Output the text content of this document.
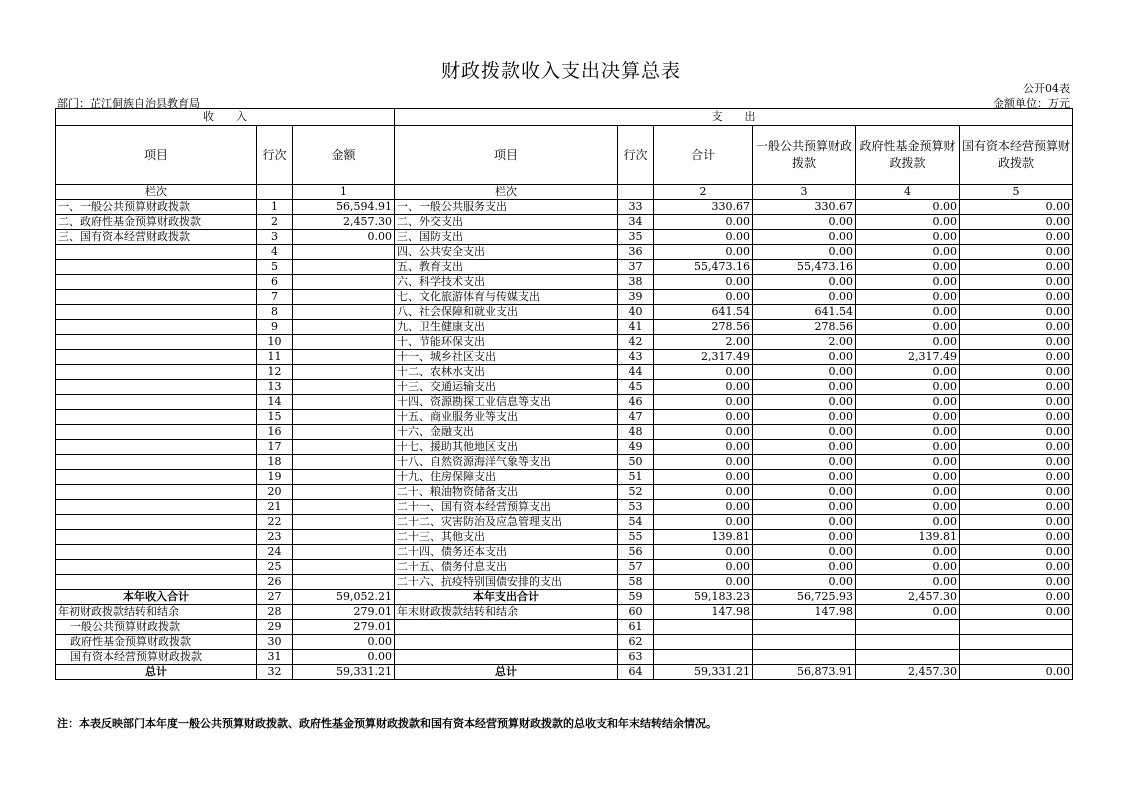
财政拨款收入支出决算总表
公开04表
部门：芷江侗族自治县教育局	金额单位：万元
收　　入			支　　出					
项目	行次	金额	项目	行次	合计	一般公共预算财政拨款	政府性基金预算财政拨款	国有资本经营预算财政拨款
栏次		1	栏次		2	3	4	5
一、一般公共预算财政拨款	1	56,594.91	一、一般公共服务支出	33	330.67	330.67	0.00	0.00
二、政府性基金预算财政拨款	2	2,457.30	二、外交支出	34	0.00	0.00	0.00	0.00
三、国有资本经营财政拨款	3	0.00	三、国防支出	35	0.00	0.00	0.00	0.00
	4		四、公共安全支出	36	0.00	0.00	0.00	0.00
	5		五、教育支出	37	55,473.16	55,473.16	0.00	0.00
	6		六、科学技术支出	38	0.00	0.00	0.00	0.00
	7		七、文化旅游体育与传媒支出	39	0.00	0.00	0.00	0.00
	8		八、社会保障和就业支出	40	641.54	641.54	0.00	0.00
	9		九、卫生健康支出	41	278.56	278.56	0.00	0.00
	10		十、节能环保支出	42	2.00	2.00	0.00	0.00
	11		十一、城乡社区支出	43	2,317.49	0.00	2,317.49	0.00
	12		十二、农林水支出	44	0.00	0.00	0.00	0.00
	13		十三、交通运输支出	45	0.00	0.00	0.00	0.00
	14		十四、资源勘探工业信息等支出	46	0.00	0.00	0.00	0.00
	15		十五、商业服务业等支出	47	0.00	0.00	0.00	0.00
	16		十六、金融支出	48	0.00	0.00	0.00	0.00
	17		十七、援助其他地区支出	49	0.00	0.00	0.00	0.00
	18		十八、自然资源海洋气象等支出	50	0.00	0.00	0.00	0.00
	19		十九、住房保障支出	51	0.00	0.00	0.00	0.00
	20		二十、粮油物资储备支出	52	0.00	0.00	0.00	0.00
	21		二十一、国有资本经营预算支出	53	0.00	0.00	0.00	0.00
	22		二十二、灾害防治及应急管理支出	54	0.00	0.00	0.00	0.00
	23		二十三、其他支出	55	139.81	0.00	139.81	0.00
	24		二十四、债务还本支出	56	0.00	0.00	0.00	0.00
	25		二十五、债务付息支出	57	0.00	0.00	0.00	0.00
	26		二十六、抗疫特别国债安排的支出	58	0.00	0.00	0.00	0.00
本年收入合计	27	59,052.21	本年支出合计	59	59,183.23	56,725.93	2,457.30	0.00
年初财政拨款结转和结余	28	279.01	年末财政拨款结转和结余	60	147.98	147.98	0.00	0.00
一般公共预算财政拨款	29	279.01		61				
政府性基金预算财政拨款	30	0.00		62				
国有资本经营预算财政拨款	31	0.00		63				
总计	32	59,331.21	总计	64	59,331.21	56,873.91	2,457.30	0.00
注：本表反映部门本年度一般公共预算财政拨款、政府性基金预算财政拨款和国有资本经营预算财政拨款的总收支和年末结转结余情况。
